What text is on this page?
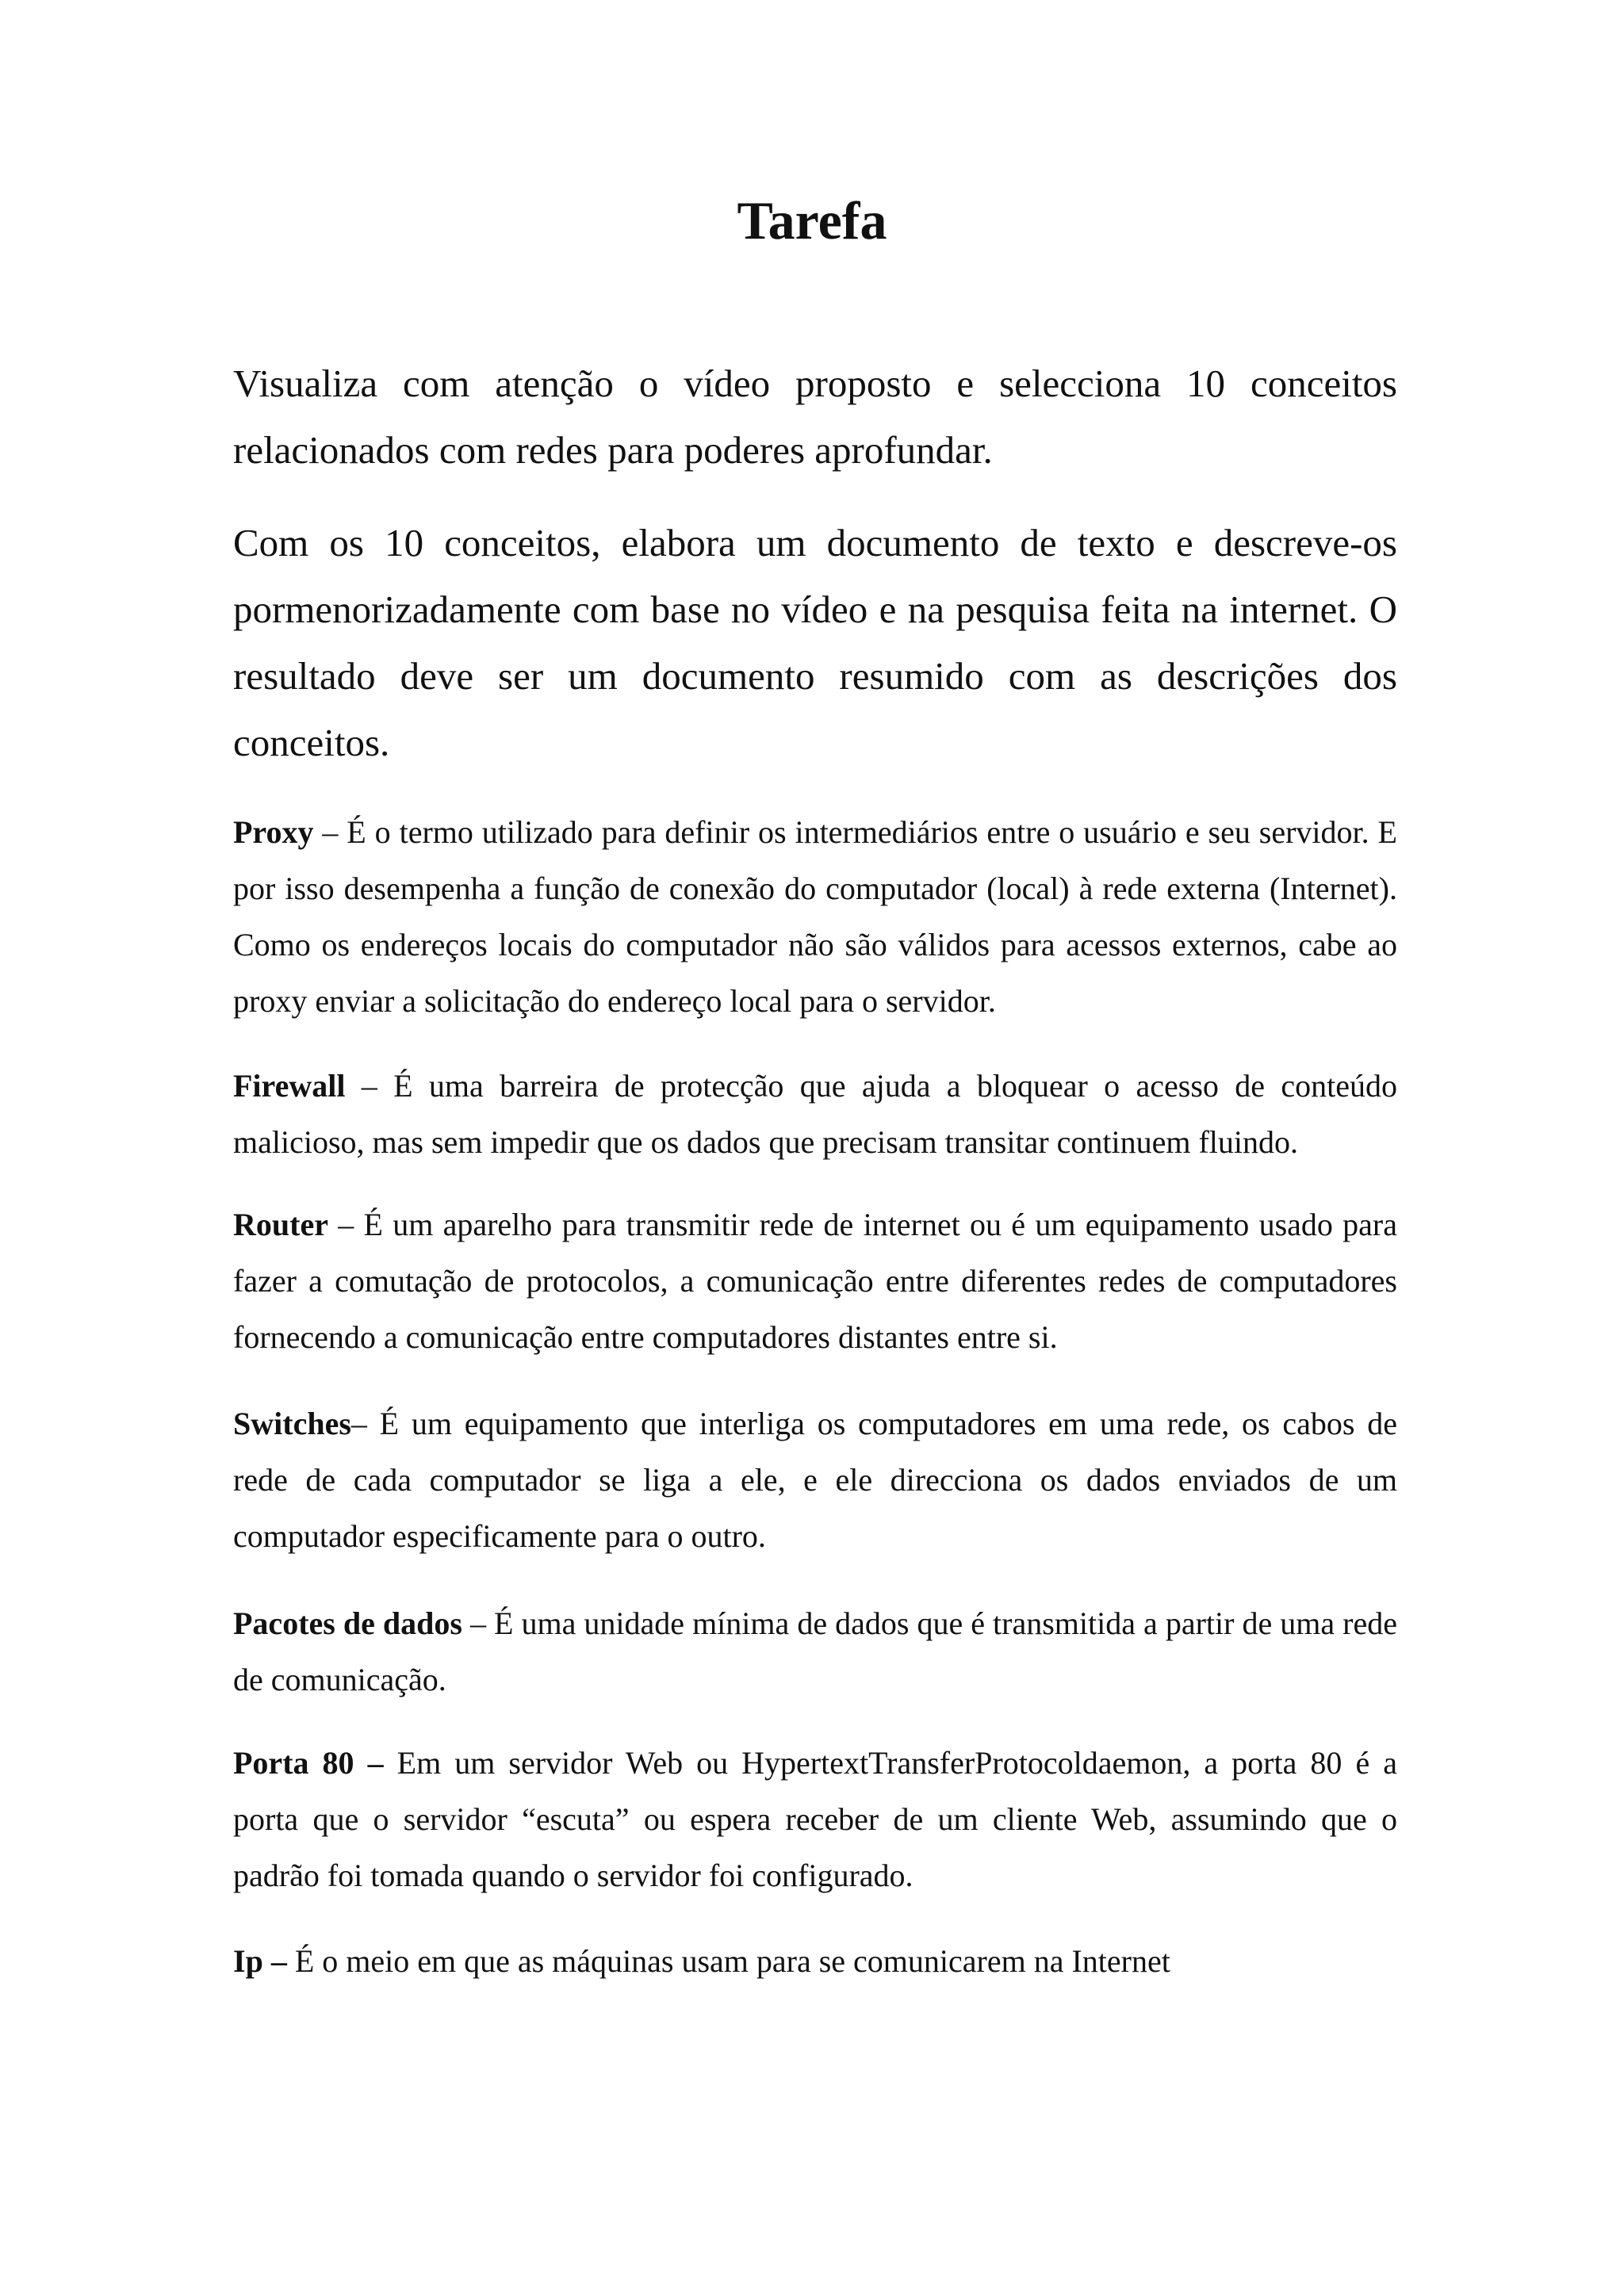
Tarefa

Visualiza com atenção o vídeo proposto e selecciona 10 conceitos relacionados com redes para poderes aprofundar.

Com os 10 conceitos, elabora um documento de texto e descreve-os pormenorizadamente com base no vídeo e na pesquisa feita na internet. O resultado deve ser um documento resumido com as descrições dos conceitos.

Proxy – É o termo utilizado para definir os intermediários entre o usuário e seu servidor. E por isso desempenha a função de conexão do computador (local) à rede externa (Internet). Como os endereços locais do computador não são válidos para acessos externos, cabe ao proxy enviar a solicitação do endereço local para o servidor.

Firewall – É uma barreira de protecção que ajuda a bloquear o acesso de conteúdo malicioso, mas sem impedir que os dados que precisam transitar continuem fluindo.

Router – É um aparelho para transmitir rede de internet ou é um equipamento usado para fazer a comutação de protocolos, a comunicação entre diferentes redes de computadores fornecendo a comunicação entre computadores distantes entre si.

Switches– É um equipamento que interliga os computadores em uma rede, os cabos de rede de cada computador se liga a ele, e ele direcciona os dados enviados de um computador especificamente para o outro.

Pacotes de dados – É uma unidade mínima de dados que é transmitida a partir de uma rede de comunicação.

Porta 80 – Em um servidor Web ou HypertextTransferProtocoldaemon, a porta 80 é a porta que o servidor “escuta” ou espera receber de um cliente Web, assumindo que o padrão foi tomada quando o servidor foi configurado.

Ip – É o meio em que as máquinas usam para se comunicarem na Internet
